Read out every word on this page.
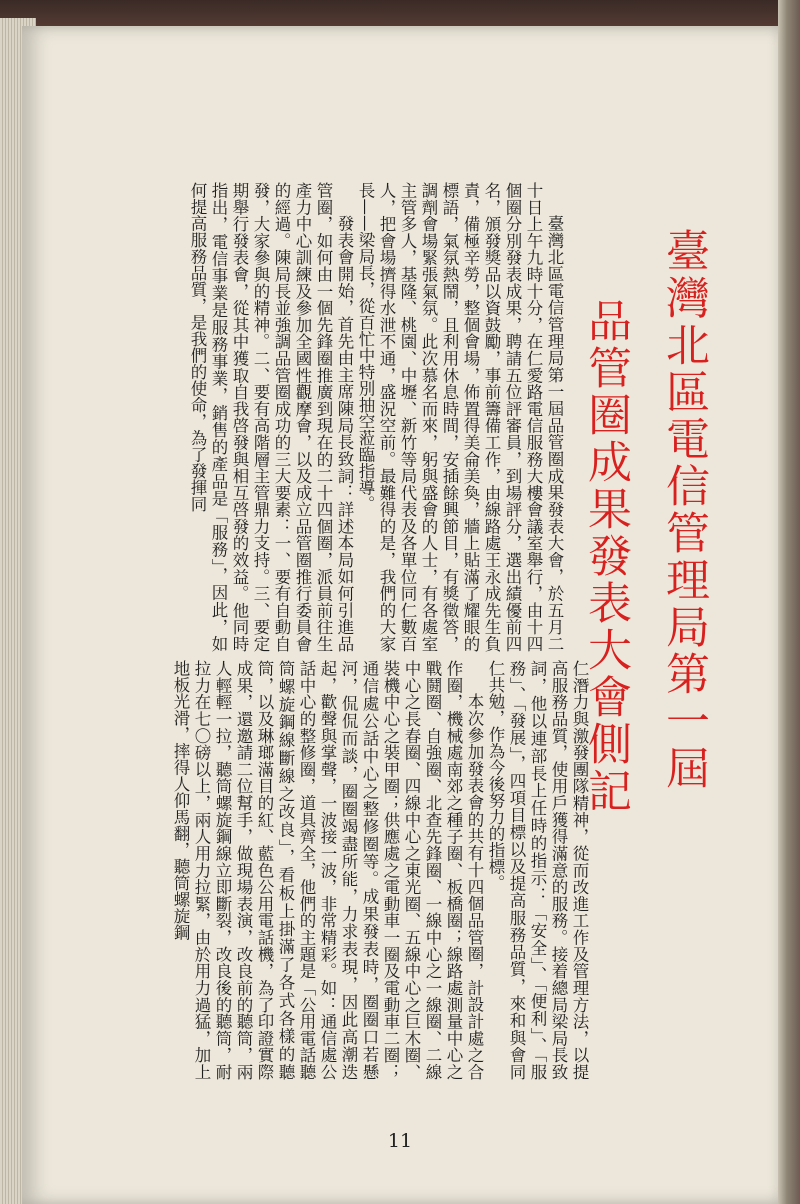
臺灣北區電信管理局第一屆
品管圈成果發表大會側記

臺灣北區電信管理局第一屆品管圈成果發表大會，於五月二十日上午九時十分，在仁愛路電信服務大樓會議室舉行，由十四個圈分別發表成果，聘請五位評審員，到場評分，選出績優前四名，頒發獎品以資鼓勵，事前籌備工作，由線路處王永成先生負責，備極辛勞，整個會場，佈置得美侖美奐，牆上貼滿了耀眼的標語，氣氛熱鬧，且利用休息時間，安插餘興節目，有獎徵答，調劑會場緊張氣氛。此次慕名而來，躬與盛會的人士，有各處室主管多人，基隆、桃園、中壢、新竹等局代表及各單位同仁數百人，把會場擠得水泄不通，盛況空前。最難得的是，我們的大家長——梁局長，從百忙中特別抽空蒞臨指導。

發表會開始，首先由主席陳局長致詞：詳述本局如何引進品管圈，如何由一個先鋒圈推廣到現在的二十四個圈，派員前往生產力中心訓練及參加全國性觀摩會，以及成立品管圈推行委員會的經過。陳局長並強調品管圈成功的三大要素：一、要有自動自發，大家參與的精神。二、要有高階層主管鼎力支持。三、要定期舉行發表會，從其中獲取自我啓發與相互啓發的效益。他同時指出，電信事業是服務事業，銷售的產品是「服務」，因此，如何提高服務品質，是我們的使命，為了發揮同

仁潛力與激發團隊精神，從而改進工作及管理方法，以提高服務品質，使用戶獲得滿意的服務。接着總局梁局長致詞，他以連部長上任時的指示：「安全」、「便利」、「服務」、「發展」，四項目標以及提高服務品質，來和與會同仁共勉，作為今後努力的指標。

本次參加發表會的共有十四個品管圈，計設計處之合作圈，機械處南郊之種子圈、板橋圈；線路處測量中心之戰鬪圈、自強圈、北查先鋒圈、一線中心之一線圈、二線中心之長春圈、四線中心之東光圈、五線中心之巨木圈、裝機中心之裝甲圈；供應處之電動車一圈及電動車二圈；通信處公話中心之整修圈等。成果發表時，圈圈口若懸河，侃侃而談，圈圈竭盡所能，力求表現，因此高潮迭起，歡聲與掌聲，一波接一波，非常精彩。如：通信處公話中心的整修圈，道具齊全，他們的主題是「公用電話聽筒螺旋鋼線斷線之改良」，看板上掛滿了各式各樣的聽筒，以及琳瑯滿目的紅、藍色公用電話機，為了印證實際成果，還邀請二位幫手，做現場表演，改良前的聽筒，兩人輕輕一拉，聽筒螺旋鋼線立即斷裂，改良後的聽筒，耐拉力在七〇磅以上，兩人用力拉緊，由於用力過猛，加上地板光滑，摔得人仰馬翻，聽筒螺旋鋼

11
